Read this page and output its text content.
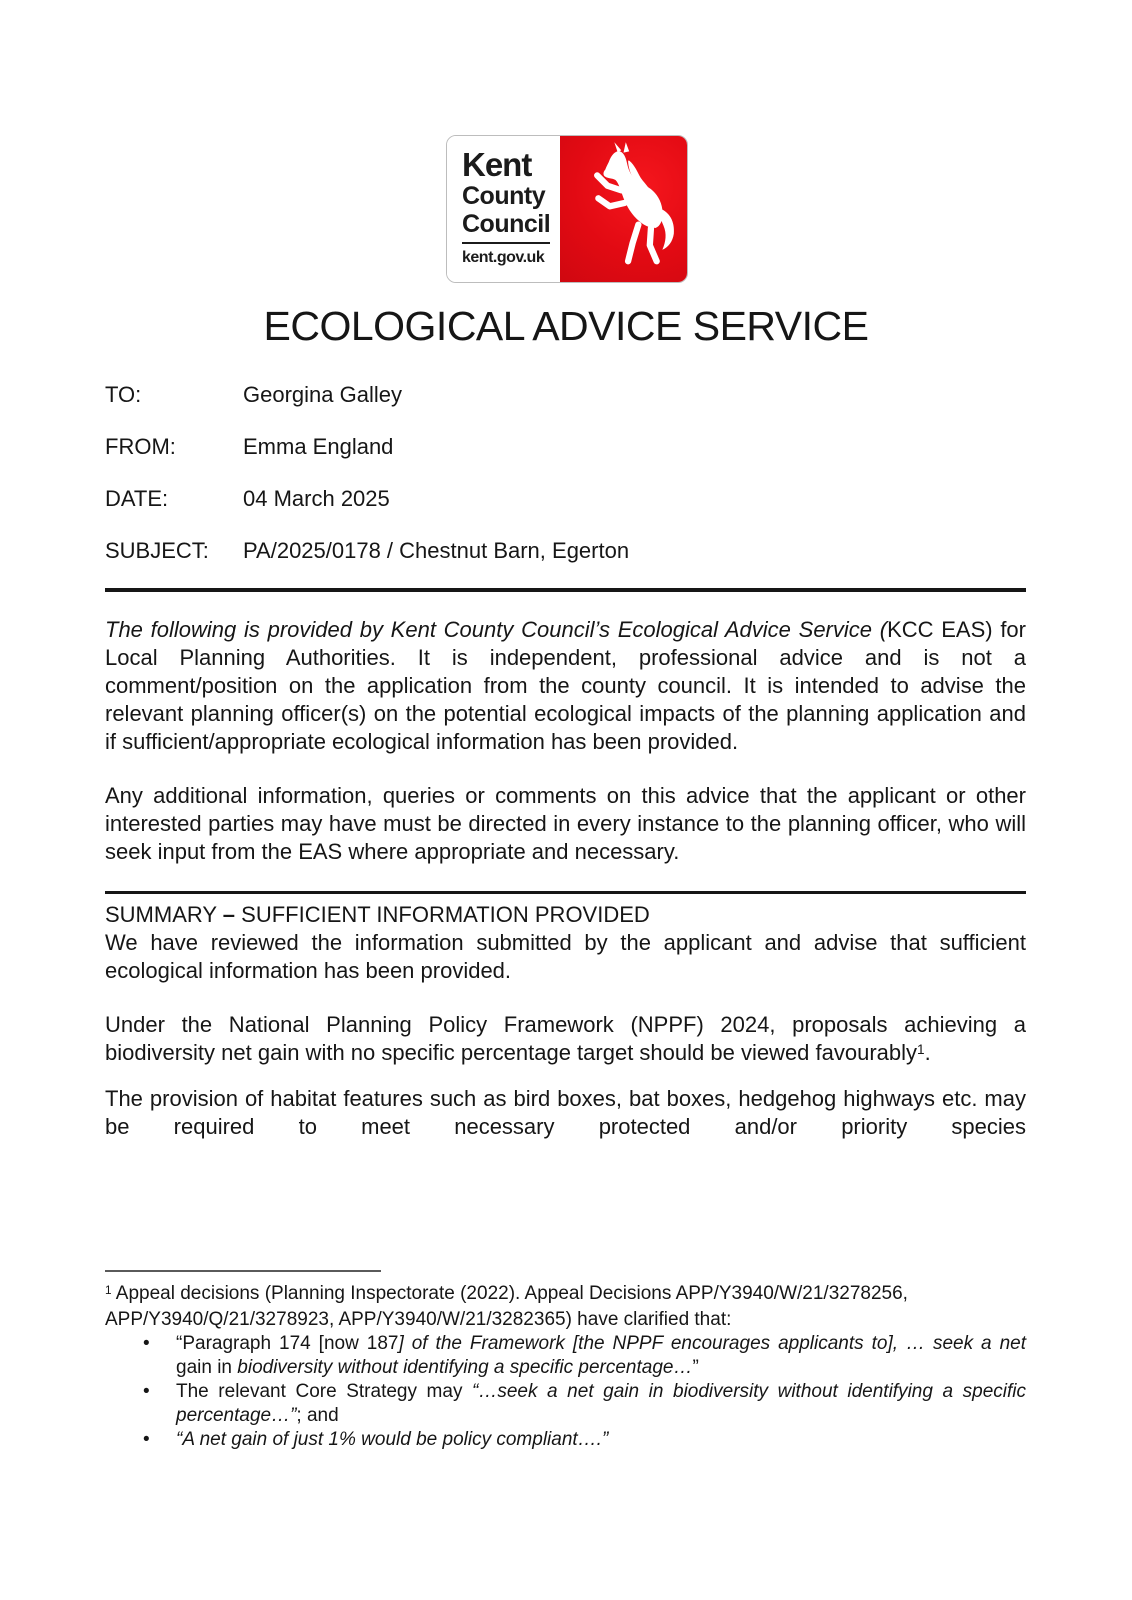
Kent
County
Council
kent.gov.uk
ECOLOGICAL ADVICE SERVICE
TO:	Georgina Galley
FROM:	Emma England
DATE:	04 March 2025
SUBJECT:	PA/2025/0178 / Chestnut Barn, Egerton

The following is provided by Kent County Council’s Ecological Advice Service (KCC EAS) for Local Planning Authorities. It is independent, professional advice and is not a comment/position on the application from the county council. It is intended to advise the relevant planning officer(s) on the potential ecological impacts of the planning application and if sufficient/appropriate ecological information has been provided.

Any additional information, queries or comments on this advice that the applicant or other interested parties may have must be directed in every instance to the planning officer, who will seek input from the EAS where appropriate and necessary.

SUMMARY – SUFFICIENT INFORMATION PROVIDED
We have reviewed the information submitted by the applicant and advise that sufficient ecological information has been provided.

Under the National Planning Policy Framework (NPPF) 2024, proposals achieving a biodiversity net gain with no specific percentage target should be viewed favourably$^1$.

The provision of habitat features such as bird boxes, bat boxes, hedgehog highways etc. may be required to meet necessary protected and/or priority species

$^1$ Appeal decisions (Planning Inspectorate (2022). Appeal Decisions APP/Y3940/W/21/3278256, APP/Y3940/Q/21/3278923, APP/Y3940/W/21/3282365) have clarified that:

• “Paragraph 174 [now 187] of the Framework [the NPPF encourages applicants to], … seek a net gain in biodiversity without identifying a specific percentage…”
• The relevant Core Strategy may “…seek a net gain in biodiversity without identifying a specific percentage…”; and
• “A net gain of just 1% would be policy compliant….”
